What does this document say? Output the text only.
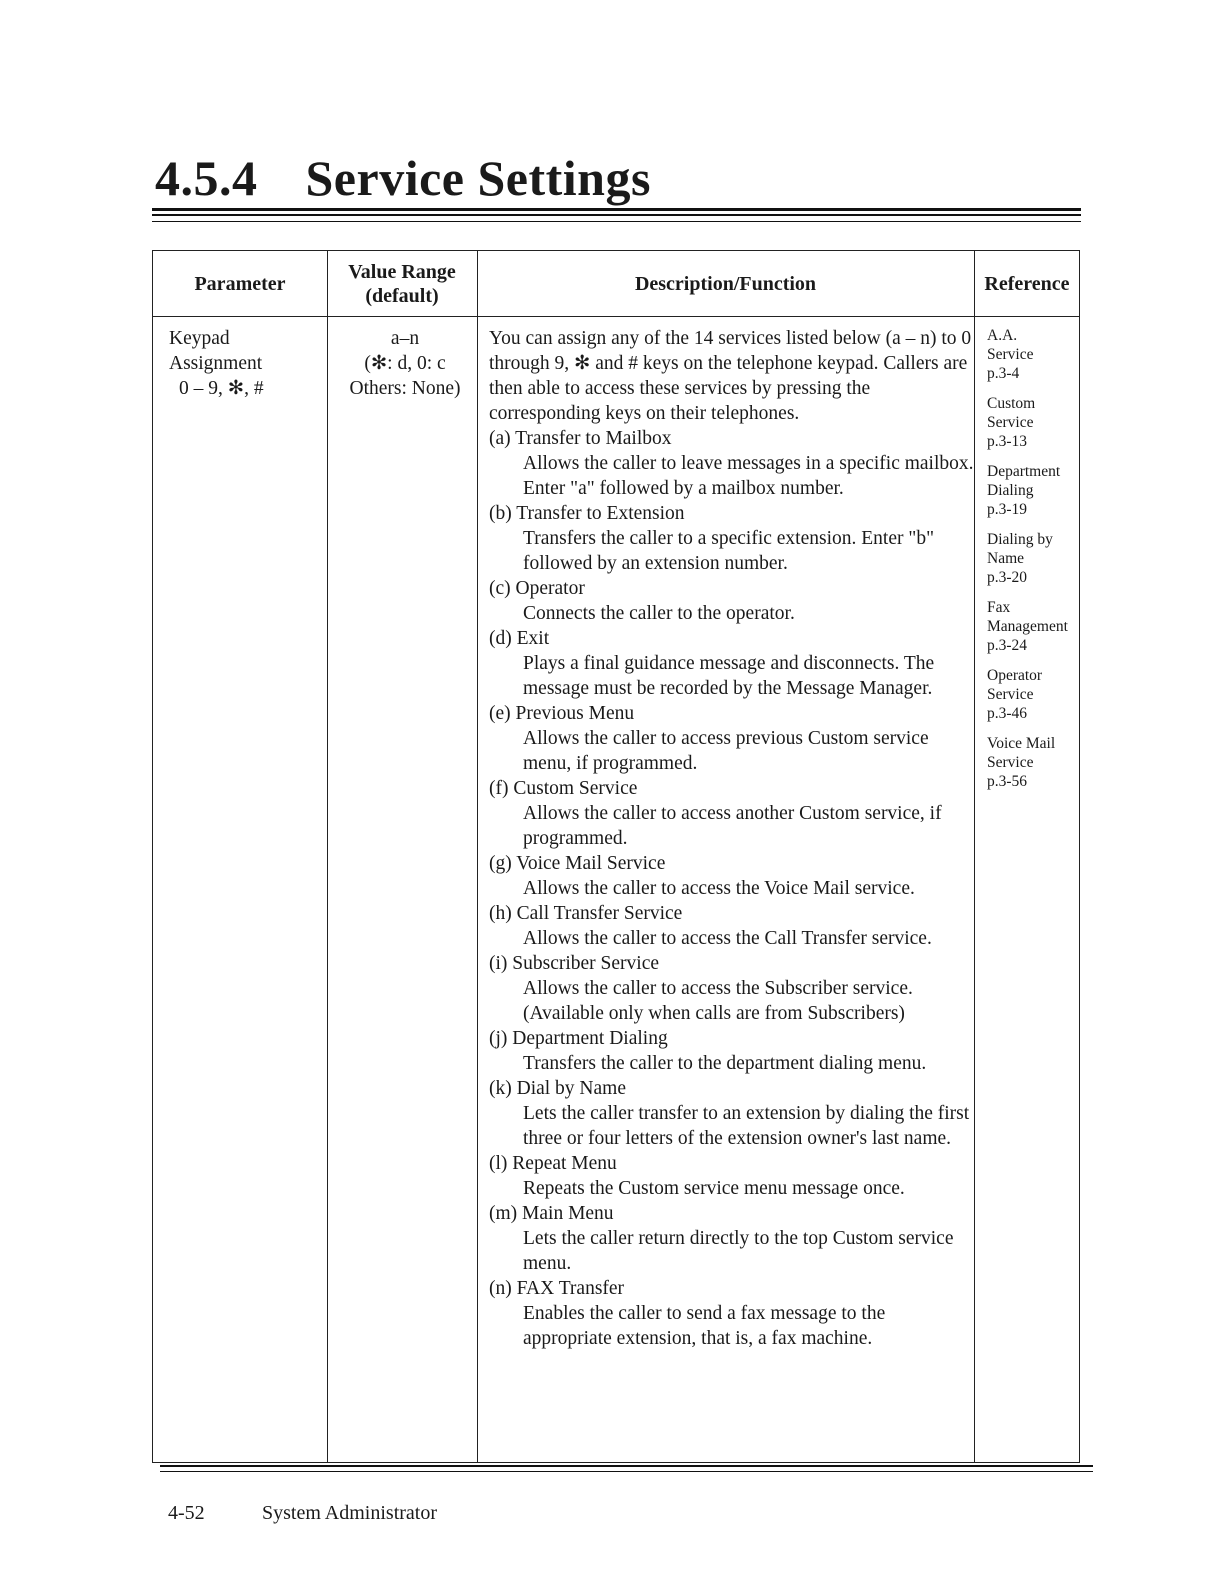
4.5.4 Service Settings
Parameter
Value Range
(default)
Description/Function	Reference
Keypad
Assignment
0 – 9, ✻, #
a–n
(✻: d, 0: c
Others: None)
You can assign any of the 14 services listed below (a – n) to 0 through 9, ✻ and # keys on the telephone keypad. Callers are then able to access these services by pressing the corresponding keys on their telephones.
(a) Transfer to Mailbox
Allows the caller to leave messages in a specific mailbox. Enter "a" followed by a mailbox number.
(b) Transfer to Extension
Transfers the caller to a specific extension. Enter "b" followed by an extension number.
(c) Operator
Connects the caller to the operator.
(d) Exit
Plays a final guidance message and disconnects. The message must be recorded by the Message Manager.
(e) Previous Menu
Allows the caller to access previous Custom service menu, if programmed.
(f) Custom Service
Allows the caller to access another Custom service, if programmed.
(g) Voice Mail Service
Allows the caller to access the Voice Mail service.
(h) Call Transfer Service
Allows the caller to access the Call Transfer service.
(i) Subscriber Service
Allows the caller to access the Subscriber service. (Available only when calls are from Subscribers)
(j) Department Dialing
Transfers the caller to the department dialing menu.
(k) Dial by Name
Lets the caller transfer to an extension by dialing the first three or four letters of the extension owner's last name.
(l) Repeat Menu
Repeats the Custom service menu message once.
(m) Main Menu
Lets the caller return directly to the top Custom service menu.
(n) FAX Transfer
Enables the caller to send a fax message to the appropriate extension, that is, a fax machine.
A.A.
Service
p.3-4
Custom
Service
p.3-13
Department
Dialing
p.3-19
Dialing by
Name
p.3-20
Fax
Management
p.3-24
Operator
Service
p.3-46
Voice Mail
Service
p.3-56
4-52	System Administrator
